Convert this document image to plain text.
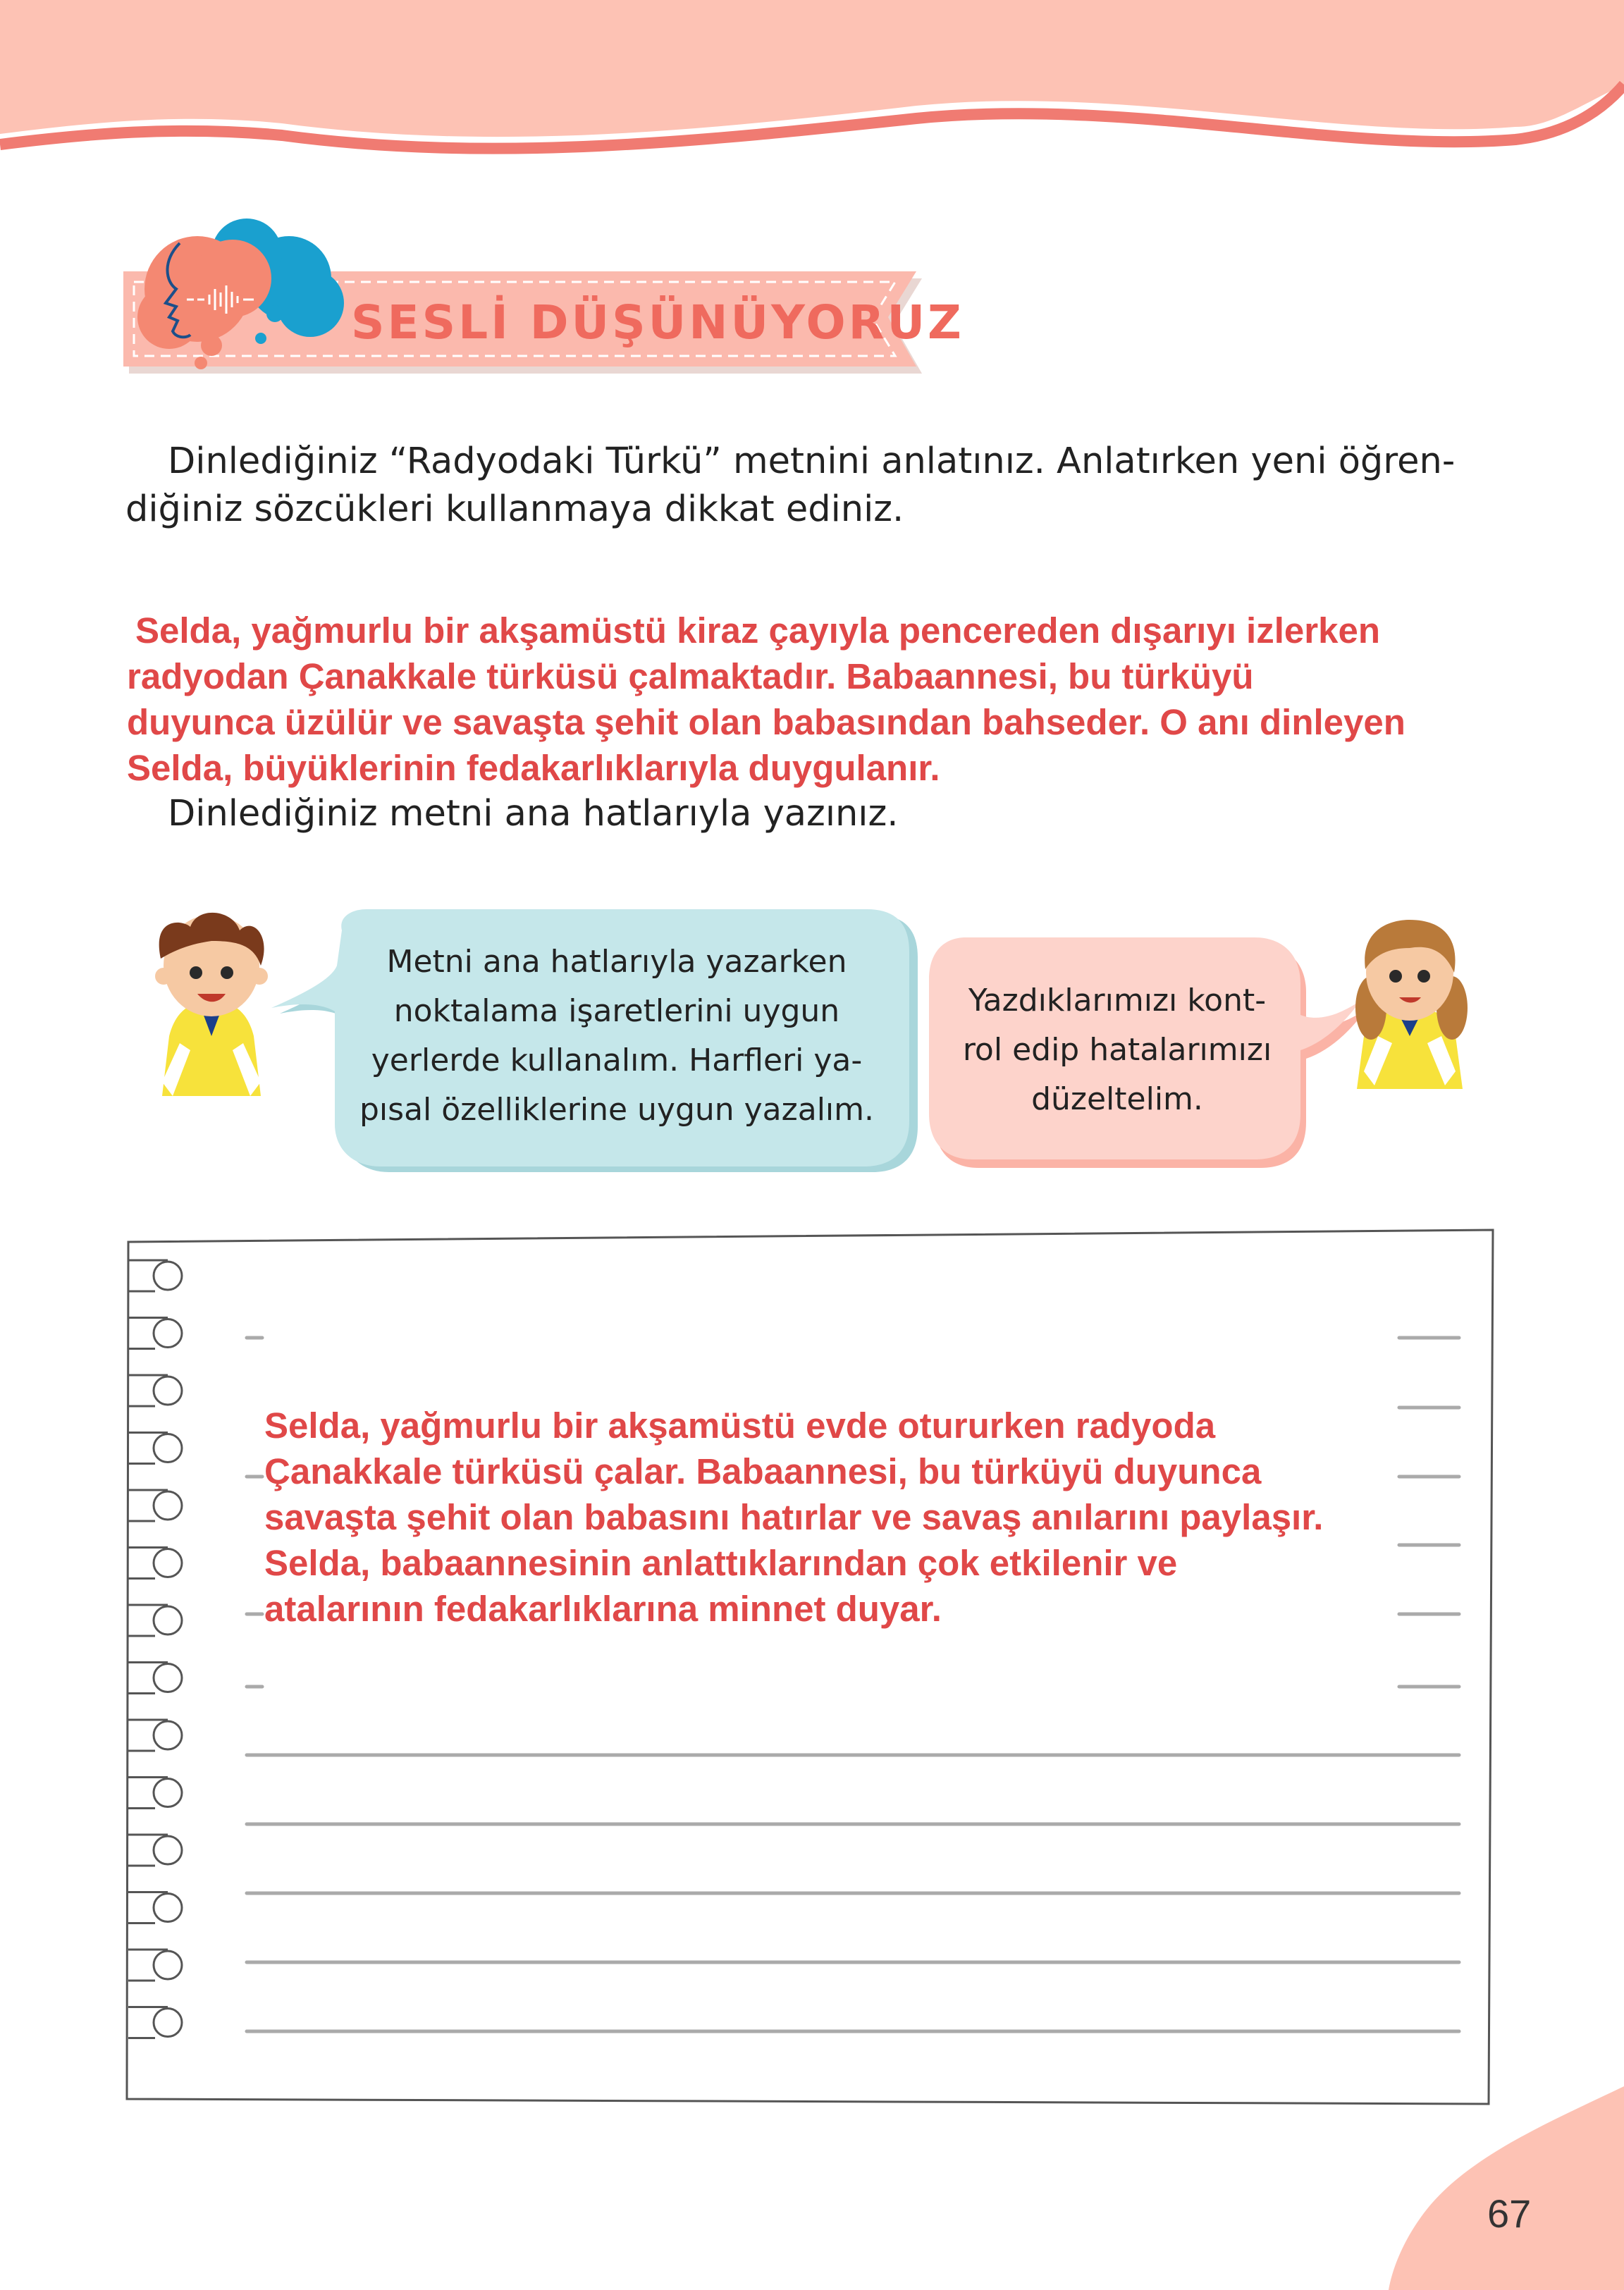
SESLİ DÜŞÜNÜYORUZ
Dinlediğiniz “Radyodaki Türkü” metnini anlatınız. Anlatırken yeni öğren-
diğiniz sözcükleri kullanmaya dikkat ediniz.
Dinlediğiniz metni ana hatlarıyla yazınız.
Selda, yağmurlu bir akşamüstü kiraz çayıyla pencereden dışarıyı izlerken
radyodan Çanakkale türküsü çalmaktadır. Babaannesi, bu türküyü
duyunca üzülür ve savaşta şehit olan babasından bahseder. O anı dinleyen
Selda, büyüklerinin fedakarlıklarıyla duygulanır.
Metni ana hatlarıyla yazarken
noktalama işaretlerini uygun
yerlerde kullanalım. Harfleri ya-
pısal özelliklerine uygun yazalım.
Yazdıklarımızı kont-
rol edip hatalarımızı
düzeltelim.
Selda, yağmurlu bir akşamüstü evde otururken radyoda
Çanakkale türküsü çalar. Babaannesi, bu türküyü duyunca
savaşta şehit olan babasını hatırlar ve savaş anılarını paylaşır.
Selda, babaannesinin anlattıklarından çok etkilenir ve
atalarının fedakarlıklarına minnet duyar.
67
